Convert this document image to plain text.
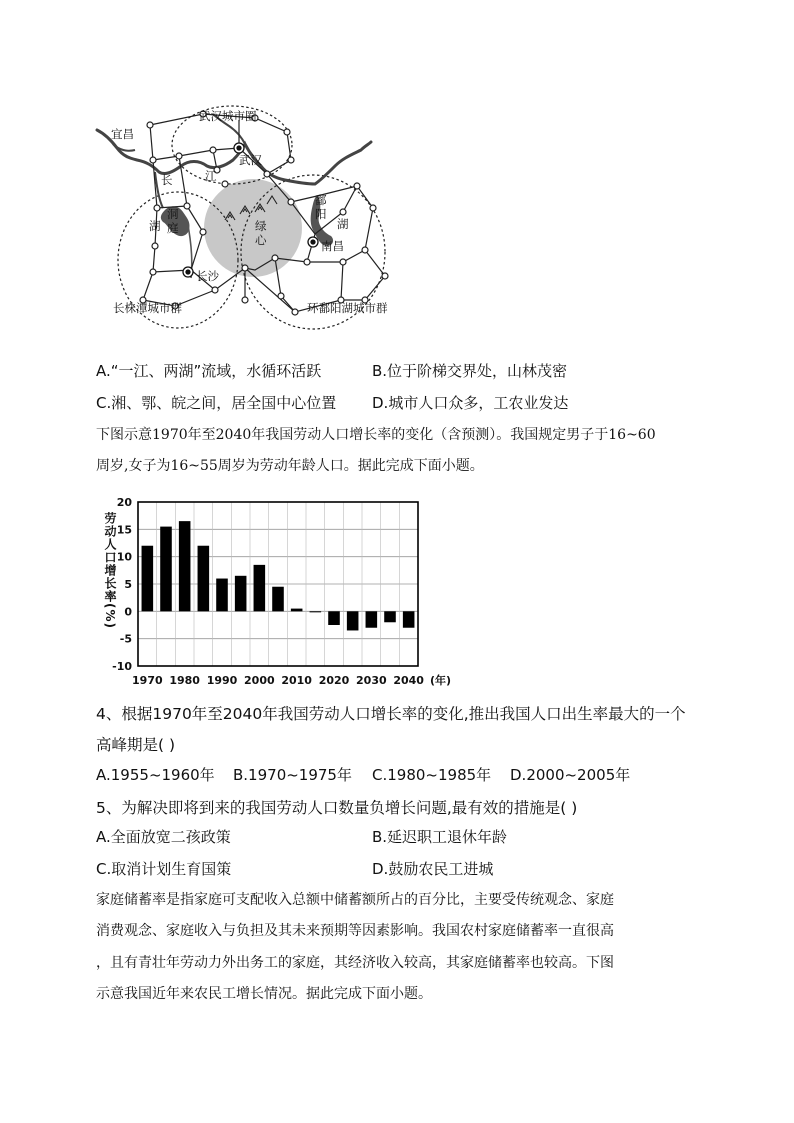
宜昌
武汉城市圈
武汉
长	江
洞
庭
湖
鄱
阳
湖
绿
心	南昌
长沙
长株潭城市群	环鄱阳湖城市群
A.“一江、两湖”流域，水循环活跃	B.位于阶梯交界处，山林茂密
C.湘、鄂、皖之间，居全国中心位置 D.城市人口众多，工农业发达
下图示意1970年至2040年我国劳动人口增长率的变化（含预测）。我国规定男子于16~60
周岁,女子为16~55周岁为劳动年龄人口。据此完成下面小题。
20
15
10
5
0
-5
-10
1970 1980 1990 2000 2010 2020 2030 2040 (年)
劳动人口增长率(%)
4、根据1970年至2040年我国劳动人口增长率的变化,推出我国人口出生率最大的一个
高峰期是( )
A.1955~1960年 B.1970~1975年 C.1980~1985年 D.2000~2005年
5、为解决即将到来的我国劳动人口数量负增长问题,最有效的措施是( )
A.全面放宽二孩政策	B.延迟职工退休年龄
C.取消计划生育国策	D.鼓励农民工进城
家庭储蓄率是指家庭可支配收入总额中储蓄额所占的百分比，主要受传统观念、家庭
消费观念、家庭收入与负担及其未来预期等因素影响。我国农村家庭储蓄率一直很高
，且有青壮年劳动力外出务工的家庭，其经济收入较高，其家庭储蓄率也较高。下图
示意我国近年来农民工增长情况。据此完成下面小题。
